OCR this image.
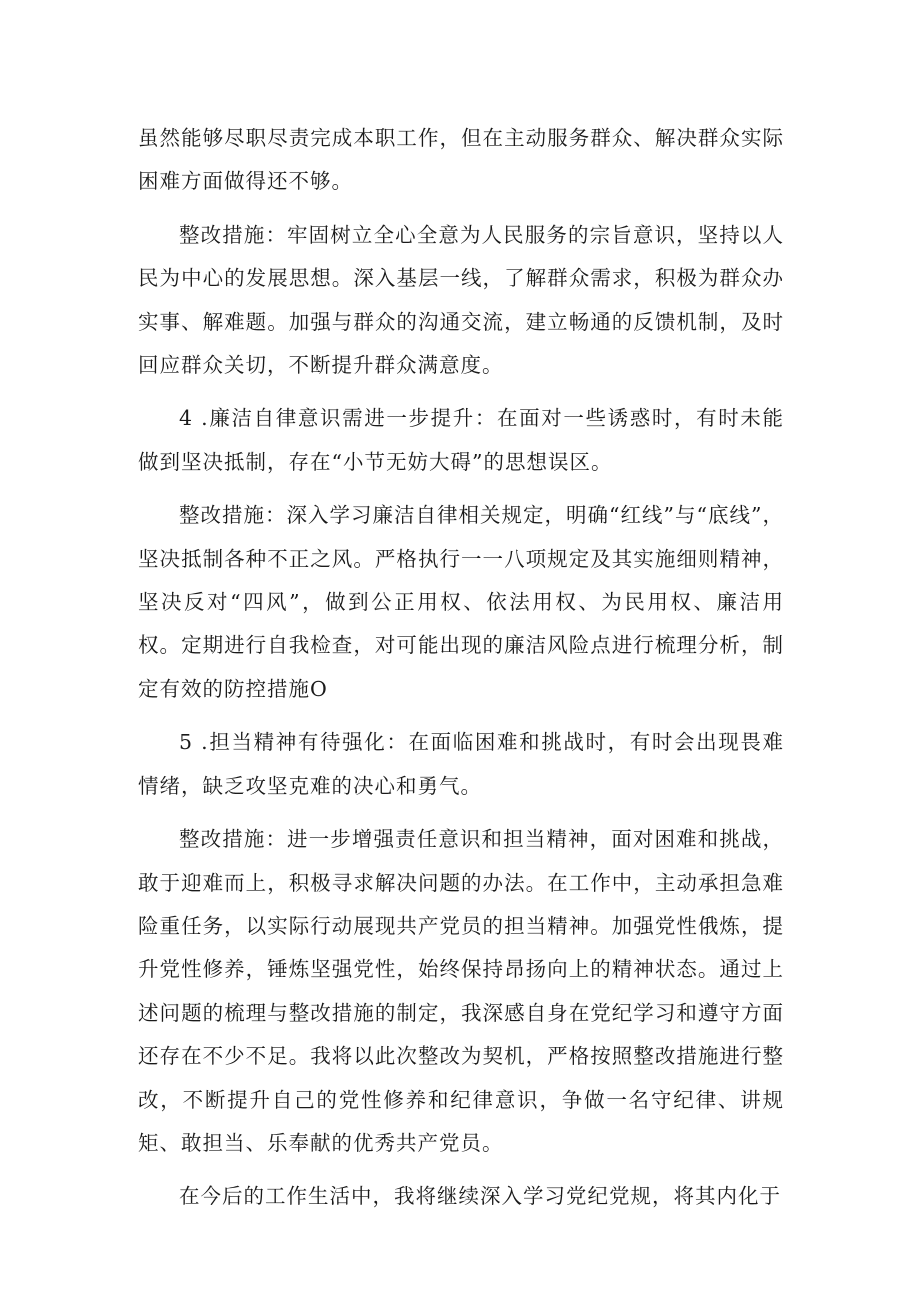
虽然能够尽职尽责完成本职工作，但在主动服务群众、解决群众实际困难方面做得还不够。

整改措施：牢固树立全心全意为人民服务的宗旨意识，坚持以人民为中心的发展思想。深入基层一线，了解群众需求，积极为群众办实事、解难题。加强与群众的沟通交流，建立畅通的反馈机制，及时回应群众关切，不断提升群众满意度。

4 .廉洁自律意识需进一步提升：在面对一些诱惑时，有时未能做到坚决抵制，存在“小节无妨大碍”的思想误区。

整改措施：深入学习廉洁自律相关规定，明确“红线”与“底线”，坚决抵制各种不正之风。严格执行一一八项规定及其实施细则精神，坚决反对“四风”，做到公正用权、依法用权、为民用权、廉洁用权。定期进行自我检查，对可能出现的廉洁风险点进行梳理分析，制定有效的防控措施O

5 .担当精神有待强化：在面临困难和挑战时，有时会出现畏难情绪，缺乏攻坚克难的决心和勇气。

整改措施：进一步增强责任意识和担当精神，面对困难和挑战，敢于迎难而上，积极寻求解决问题的办法。在工作中，主动承担急难险重任务，以实际行动展现共产党员的担当精神。加强党性俄炼，提升党性修养，锤炼坚强党性，始终保持昂扬向上的精神状态。通过上述问题的梳理与整改措施的制定，我深感自身在党纪学习和遵守方面还存在不少不足。我将以此次整改为契机，严格按照整改措施进行整改，不断提升自己的党性修养和纪律意识，争做一名守纪律、讲规矩、敢担当、乐奉献的优秀共产党员。

在今后的工作生活中，我将继续深入学习党纪党规，将其内化于
